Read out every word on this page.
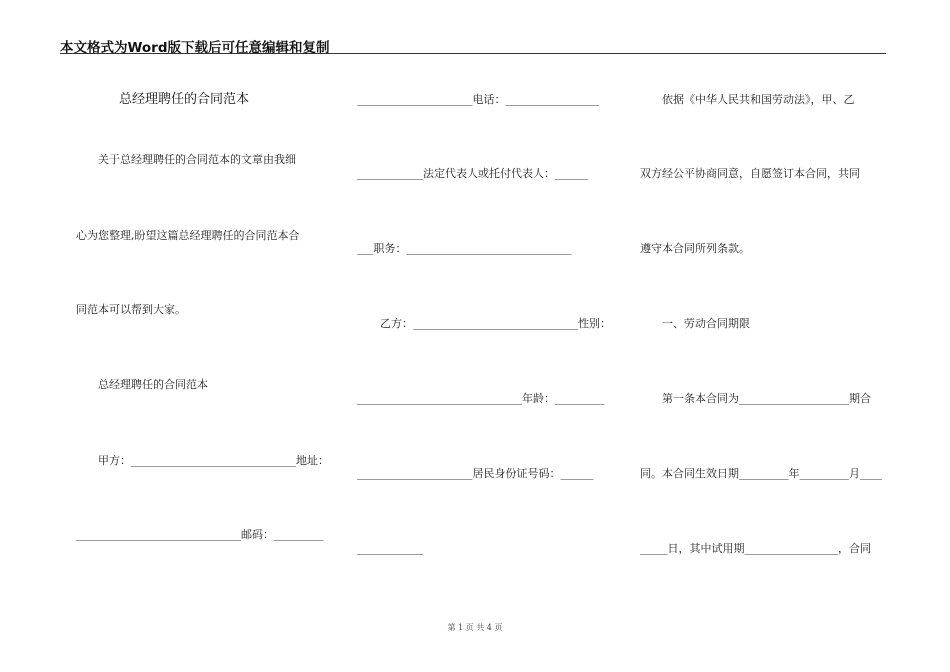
本文格式为Word版下载后可任意编辑和复制
总经理聘任的合同范本
关于总经理聘任的合同范本的文章由我细
心为您整理,盼望这篇总经理聘任的合同范本合
同范本可以帮到大家。
总经理聘任的合同范本
甲方：______________________________地址：
______________________________邮码：_________
_____________________电话：_________________
____________法定代表人或托付代表人：______
___职务：______________________________
乙方：______________________________性别：
______________________________年龄：_________
_____________________居民身份证号码：______
____________
依据《中华人民共和国劳动法》，甲、乙
双方经公平协商同意，自愿签订本合同，共同
遵守本合同所列条款。
一、劳动合同期限
第一条本合同为____________________期合
同。本合同生效日期_________年_________月____
_____日，其中试用期_________________，合同
第 1 页 共 4 页
